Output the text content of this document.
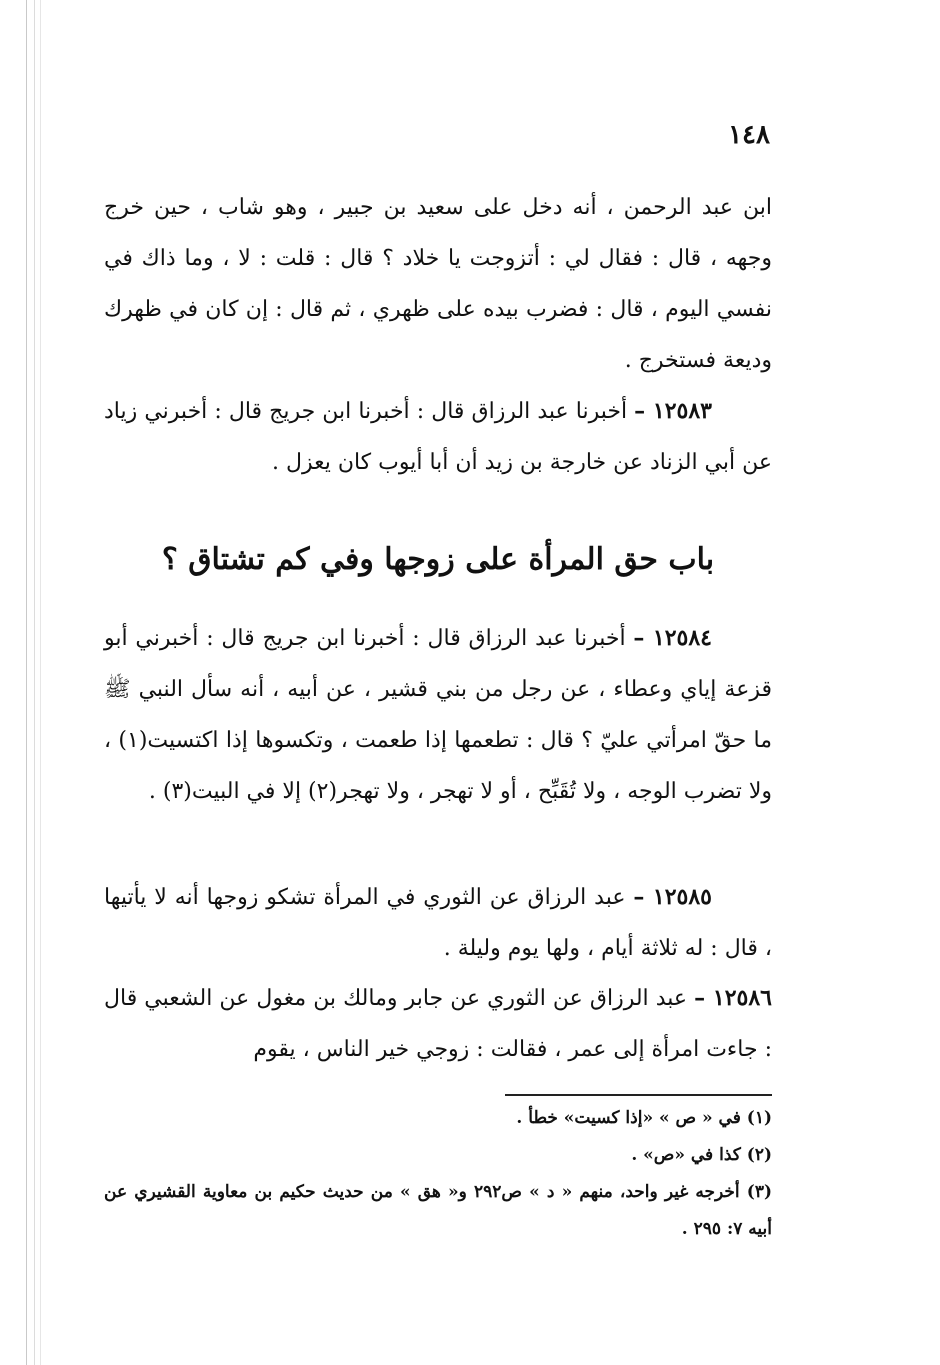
١٤٨

ابن عبد الرحمن ، أنه دخل على سعيد بن جبير ، وهو شاب ، حين خرج وجهه ، قال : فقال لي : أتزوجت يا خلاد ؟ قال : قلت : لا ، وما ذاك في نفسي اليوم ، قال : فضرب بيده على ظهري ، ثم قال : إن كان في ظهرك وديعة فستخرج .

١٢٥٨٣ – أخبرنا عبد الرزاق قال : أخبرنا ابن جريج قال : أخبرني زياد عن أبي الزناد عن خارجة بن زيد أن أبا أيوب كان يعزل .

باب حق المرأة على زوجها وفي كم تشتاق ؟

١٢٥٨٤ – أخبرنا عبد الرزاق قال : أخبرنا ابن جريج قال : أخبرني أبو قزعة إياي وعطاء ، عن رجل من بني قشير ، عن أبيه ، أنه سأل النبي ﷺ ما حقّ امرأتي عليّ ؟ قال : تطعمها إذا طعمت ، وتكسوها إذا اكتسيت(١) ، ولا تضرب الوجه ، ولا تُقَبِّح ، أو لا تهجر ، ولا تهجر(٢) إلا في البيت(٣) .

١٢٥٨٥ – عبد الرزاق عن الثوري في المرأة تشكو زوجها أنه لا يأتيها ، قال : له ثلاثة أيام ، ولها يوم وليلة .

١٢٥٨٦ – عبد الرزاق عن الثوري عن جابر ومالك بن مغول عن الشعبي قال : جاءت امرأة إلى عمر ، فقالت : زوجي خير الناس ، يقوم

(١) في « ص » «إذا كسيت» خطأ .
(٢) كذا في «ص» .
(٣) أخرجه غير واحد، منهم « د » ص٢٩٢ و« هق » من حديث حكيم بن معاوية القشيري عن أبيه ٧: ٢٩٥ .
